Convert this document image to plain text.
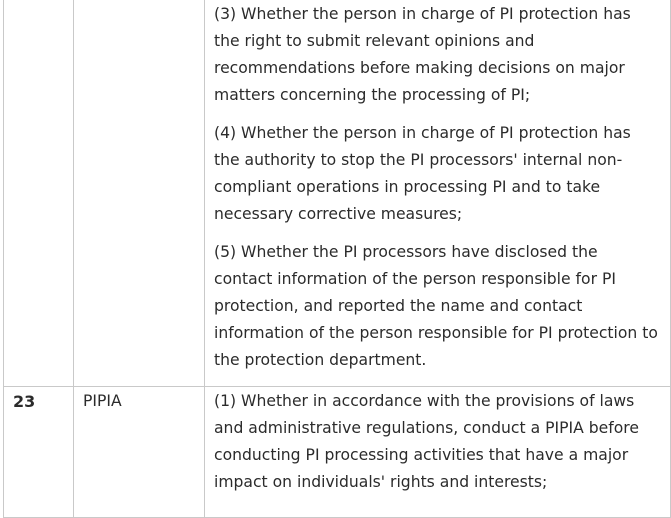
		(3) Whether the person in charge of PI protection has the right to submit relevant opinions and recommendations before making decisions on major matters concerning the processing of PI;

(4) Whether the person in charge of PI protection has the authority to stop the PI processors' internal non-compliant operations in processing PI and to take necessary corrective measures;

(5) Whether the PI processors have disclosed the contact information of the person responsible for PI protection, and reported the name and contact information of the person responsible for PI protection to the protection department.

23	PIPIA	(1) Whether in accordance with the provisions of laws and administrative regulations, conduct a PIPIA before conducting PI processing activities that have a major impact on individuals' rights and interests;
